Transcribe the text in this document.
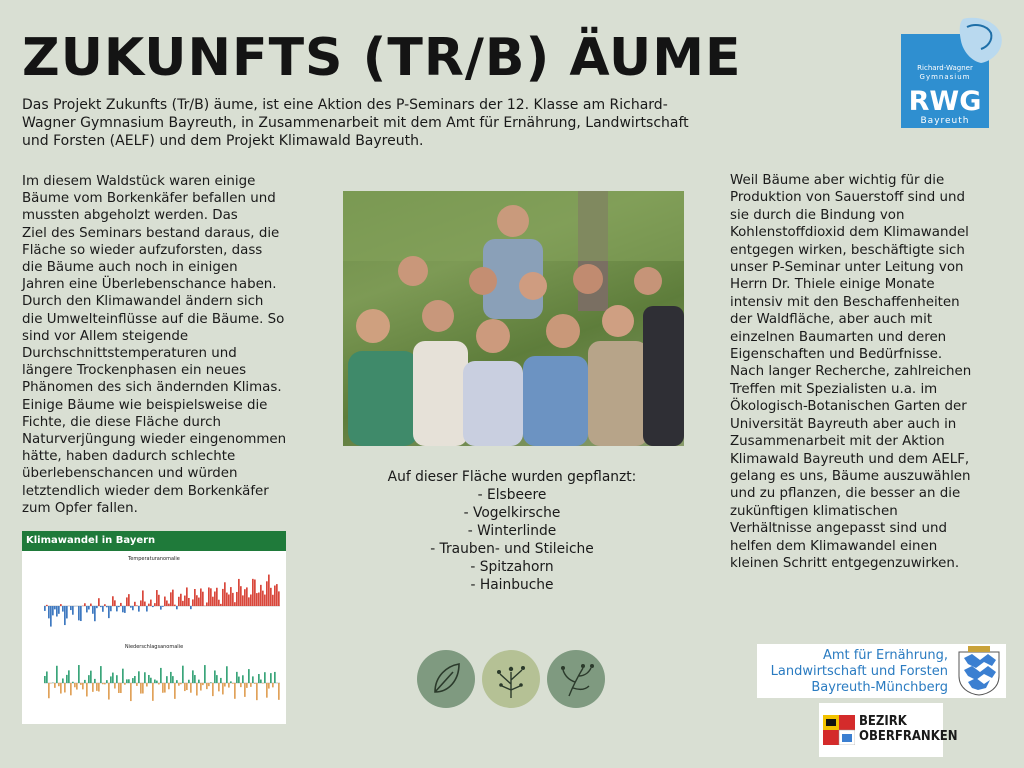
ZUKUNFTS (TR/B) ÄUME
Das Projekt Zukunfts (Tr/B) äume, ist eine Aktion des P-Seminars der 12. Klasse am Richard-Wagner Gymnasium Bayreuth, in Zusammenarbeit mit dem Amt für Ernährung, Landwirtschaft und Forsten (AELF) und dem Projekt Klimawald Bayreuth.
Im diesem Waldstück waren einige
Bäume vom Borkenkäfer befallen und
mussten abgeholzt werden. Das
Ziel des Seminars bestand daraus, die
Fläche so wieder aufzuforsten, dass
die Bäume auch noch in einigen
Jahren eine Überlebenschance haben.
Durch den Klimawandel ändern sich
die Umwelteinflüsse auf die Bäume. So
sind vor Allem steigende
Durchschnittstemperaturen und
längere Trockenphasen ein neues
Phänomen des sich ändernden Klimas.
Einige Bäume wie beispielsweise die
Fichte, die diese Fläche durch
Naturverjüngung wieder eingenommen
hätte, haben dadurch schlechte
überlebenschancen und würden
letztendlich wieder dem Borkenkäfer
zum Opfer fallen.
Auf dieser Fläche wurden gepflanzt:
- Elsbeere
- Vogelkirsche
- Winterlinde
- Trauben- und Stileiche
- Spitzahorn
- Hainbuche
Weil Bäume aber wichtig für die
Produktion von Sauerstoff sind und
sie durch die Bindung von
Kohlenstoffdioxid dem Klimawandel
entgegen wirken, beschäftigte sich
unser P-Seminar unter Leitung von
Herrn Dr. Thiele einige Monate
intensiv mit den Beschaffenheiten
der Waldfläche, aber auch mit
einzelnen Baumarten und deren
Eigenschaften und Bedürfnisse.
Nach langer Recherche, zahlreichen
Treffen mit Spezialisten u.a. im
Ökologisch-Botanischen Garten der
Universität Bayreuth aber auch in
Zusammenarbeit mit der Aktion
Klimawald Bayreuth und dem AELF,
gelang es uns, Bäume auszuwählen
und zu pflanzen, die besser an die
zukünftigen klimatischen
Verhältnisse angepasst sind und
helfen dem Klimawandel einen
kleinen Schritt entgegenzuwirken.
Klimawandel in Bayern
Temperaturanomalie
Niederschlagsanomalie
Richard-Wagner
Gymnasium
RWG
Bayreuth
Amt für Ernährung,
Landwirtschaft und Forsten
Bayreuth-Münchberg
BEZIRK
OBERFRANKEN
